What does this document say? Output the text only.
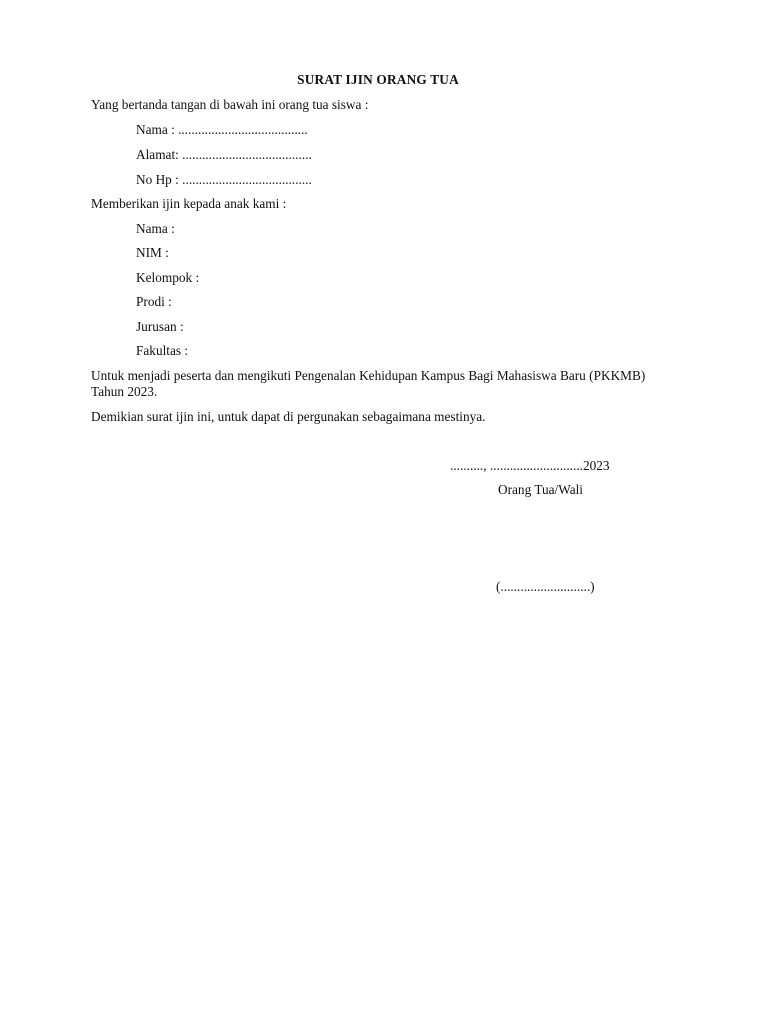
SURAT IJIN ORANG TUA
Yang bertanda tangan di bawah ini orang tua siswa :
Nama : .......................................
Alamat: .......................................
No Hp : .......................................
Memberikan ijin kepada anak kami :
Nama :
NIM :
Kelompok :
Prodi :
Jurusan :
Fakultas :
Untuk menjadi peserta dan mengikuti Pengenalan Kehidupan Kampus Bagi Mahasiswa Baru (PKKMB) Tahun 2023.
Demikian surat ijin ini, untuk dapat di pergunakan sebagaimana mestinya.
.........., ............................2023
Orang Tua/Wali
(...........................)
